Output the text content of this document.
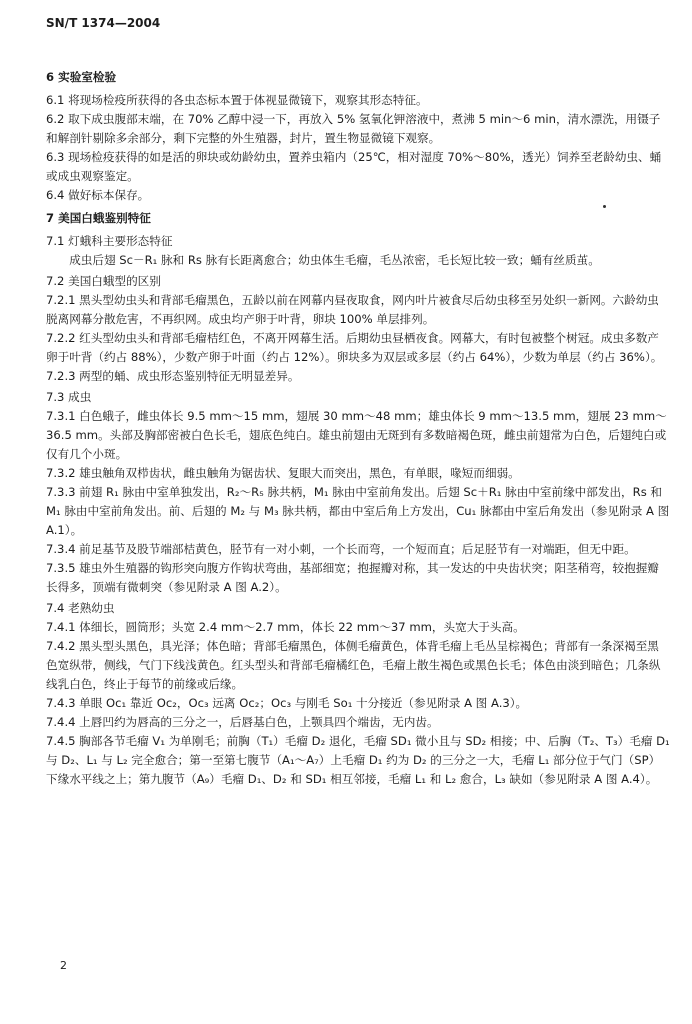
SN/T 1374—2004

6 实验室检验

6.1 将现场检疫所获得的各虫态标本置于体视显微镜下，观察其形态特征。

6.2 取下成虫腹部末端，在 70% 乙醇中浸一下，再放入 5% 氢氧化钾溶液中，煮沸 5 min～6 min，清水漂洗，用镊子和解剖针剔除多余部分，剩下完整的外生殖器，封片，置生物显微镜下观察。

6.3 现场检疫获得的如是活的卵块或幼龄幼虫，置养虫箱内（25℃，相对湿度 70%～80%，透光）饲养至老龄幼虫、蛹或成虫观察鉴定。

6.4 做好标本保存。

7 美国白蛾鉴别特征

7.1 灯蛾科主要形态特征

成虫后翅 Sc－R₁ 脉和 Rs 脉有长距离愈合；幼虫体生毛瘤，毛丛浓密，毛长短比较一致；蛹有丝质茧。

7.2 美国白蛾型的区别

7.2.1 黑头型幼虫头和背部毛瘤黑色，五龄以前在网幕内昼夜取食，网内叶片被食尽后幼虫移至另处织一新网。六龄幼虫脱离网幕分散危害，不再织网。成虫均产卵于叶背，卵块 100% 单层排列。

7.2.2 红头型幼虫头和背部毛瘤桔红色，不离开网幕生活。后期幼虫昼栖夜食。网幕大，有时包被整个树冠。成虫多数产卵于叶背（约占 88%），少数产卵于叶面（约占 12%）。卵块多为双层或多层（约占 64%），少数为单层（约占 36%）。

7.2.3 两型的蛹、成虫形态鉴别特征无明显差异。

7.3 成虫

7.3.1 白色蛾子，雌虫体长 9.5 mm～15 mm，翅展 30 mm～48 mm；雄虫体长 9 mm～13.5 mm，翅展 23 mm～36.5 mm。头部及胸部密被白色长毛，翅底色纯白。雄虫前翅由无斑到有多数暗褐色斑，雌虫前翅常为白色，后翅纯白或仅有几个小斑。

7.3.2 雄虫触角双栉齿状，雌虫触角为锯齿状、复眼大而突出，黑色，有单眼，喙短而细弱。

7.3.3 前翅 R₁ 脉由中室单独发出，R₂～R₅ 脉共柄，M₁ 脉由中室前角发出。后翅 Sc＋R₁ 脉由中室前缘中部发出，Rs 和 M₁ 脉由中室前角发出。前、后翅的 M₂ 与 M₃ 脉共柄，都由中室后角上方发出，Cu₁ 脉都由中室后角发出（参见附录 A 图 A.1）。

7.3.4 前足基节及股节端部桔黄色，胫节有一对小刺，一个长而弯，一个短而直；后足胫节有一对端距，但无中距。

7.3.5 雄虫外生殖器的钩形突向腹方作钩状弯曲，基部细宽；抱握瓣对称，其一发达的中央齿状突；阳茎稍弯，较抱握瓣长得多，顶端有微刺突（参见附录 A 图 A.2）。

7.4 老熟幼虫

7.4.1 体细长，圆筒形；头宽 2.4 mm～2.7 mm，体长 22 mm～37 mm，头宽大于头高。

7.4.2 黑头型头黑色，具光泽；体色暗；背部毛瘤黑色，体侧毛瘤黄色，体背毛瘤上毛丛呈棕褐色；背部有一条深褐至黑色宽纵带，侧线，气门下线浅黄色。红头型头和背部毛瘤橘红色，毛瘤上散生褐色或黑色长毛；体色由淡到暗色；几条纵线乳白色，终止于每节的前缘或后缘。

7.4.3 单眼 Oc₁ 靠近 Oc₂，Oc₃ 远离 Oc₂；Oc₃ 与刚毛 So₁ 十分接近（参见附录 A 图 A.3）。

7.4.4 上唇凹约为唇高的三分之一，后唇基白色，上颚具四个端齿，无内齿。

7.4.5 胸部各节毛瘤 V₁ 为单刚毛；前胸（T₁）毛瘤 D₂ 退化，毛瘤 SD₁ 微小且与 SD₂ 相接；中、后胸（T₂、T₃）毛瘤 D₁ 与 D₂、L₁ 与 L₂ 完全愈合；第一至第七腹节（A₁～A₇）上毛瘤 D₁ 约为 D₂ 的三分之一大，毛瘤 L₁ 部分位于气门（SP）下缘水平线之上；第九腹节（A₉）毛瘤 D₁、D₂ 和 SD₁ 相互邻接，毛瘤 L₁ 和 L₂ 愈合，L₃ 缺如（参见附录 A 图 A.4）。

2
